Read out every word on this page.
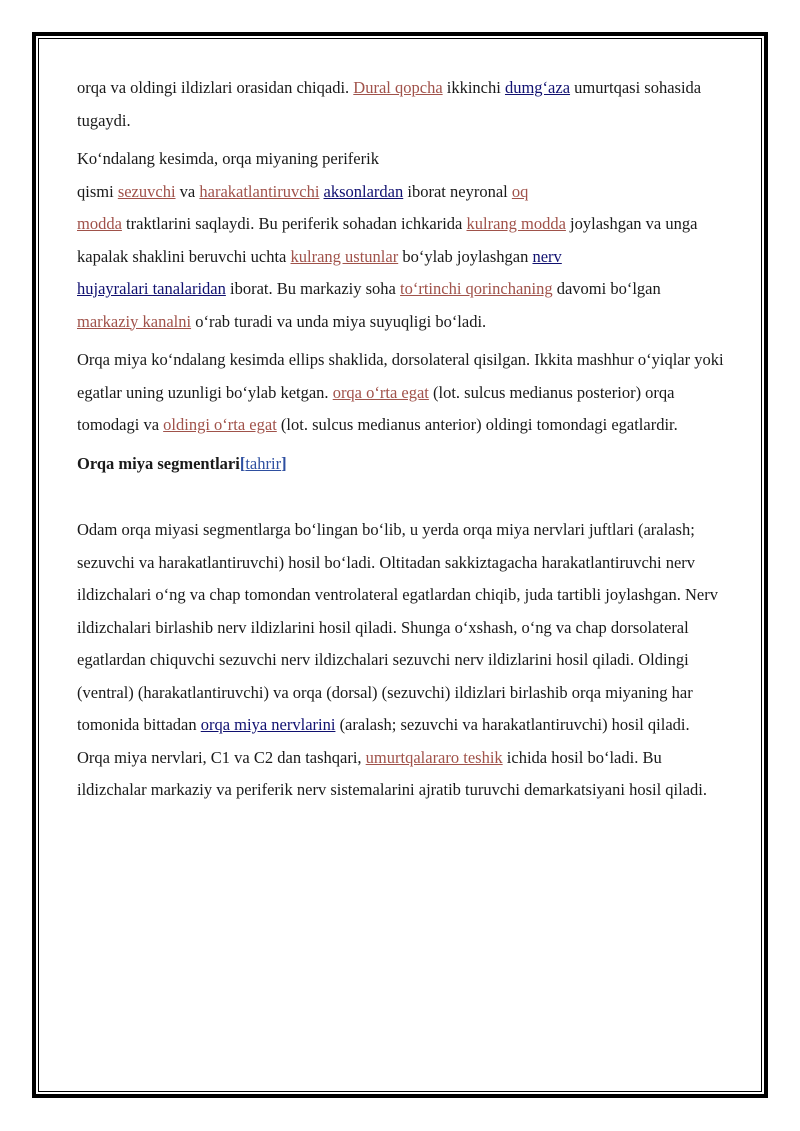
orqa va oldingi ildizlari orasidan chiqadi. Dural qopcha ikkinchi dumg‘aza umurtqasi sohasida tugaydi.

Ko‘ndalang kesimda, orqa miyaning periferik
qismi sezuvchi va harakatlantiruvchi aksonlardan iborat neyronal oq
modda traktlarini saqlaydi. Bu periferik sohadan ichkarida kulrang modda joylashgan va unga kapalak shaklini beruvchi uchta kulrang ustunlar bo‘ylab joylashgan nerv
hujayralari tanalaridan iborat. Bu markaziy soha to‘rtinchi qorinchaning davomi bo‘lgan markaziy kanalni o‘rab turadi va unda miya suyuqligi bo‘ladi.

Orqa miya ko‘ndalang kesimda ellips shaklida, dorsolateral qisilgan. Ikkita mashhur o‘yiqlar yoki egatlar uning uzunligi bo‘ylab ketgan. orqa o‘rta egat (lot. sulcus medianus posterior) orqa tomodagi va oldingi o‘rta egat (lot. sulcus medianus anterior) oldingi tomondagi egatlardir.

Orqa miya segmentlari[tahrir]

Odam orqa miyasi segmentlarga bo‘lingan bo‘lib, u yerda orqa miya nervlari juftlari (aralash; sezuvchi va harakatlantiruvchi) hosil bo‘ladi. Oltitadan sakkiztagacha harakatlantiruvchi nerv ildizchalari o‘ng va chap tomondan ventrolateral egatlardan chiqib, juda tartibli joylashgan. Nerv ildizchalari birlashib nerv ildizlarini hosil qiladi. Shunga o‘xshash, o‘ng va chap dorsolateral egatlardan chiquvchi sezuvchi nerv ildizchalari sezuvchi nerv ildizlarini hosil qiladi. Oldingi (ventral) (harakatlantiruvchi) va orqa (dorsal) (sezuvchi) ildizlari birlashib orqa miyaning har tomonida bittadan orqa miya nervlarini (aralash; sezuvchi va harakatlantiruvchi) hosil qiladi. Orqa miya nervlari, C1 va C2 dan tashqari, umurtqalararo teshik ichida hosil bo‘ladi. Bu ildizchalar markaziy va periferik nerv sistemalarini ajratib turuvchi demarkatsiyani hosil qiladi.
